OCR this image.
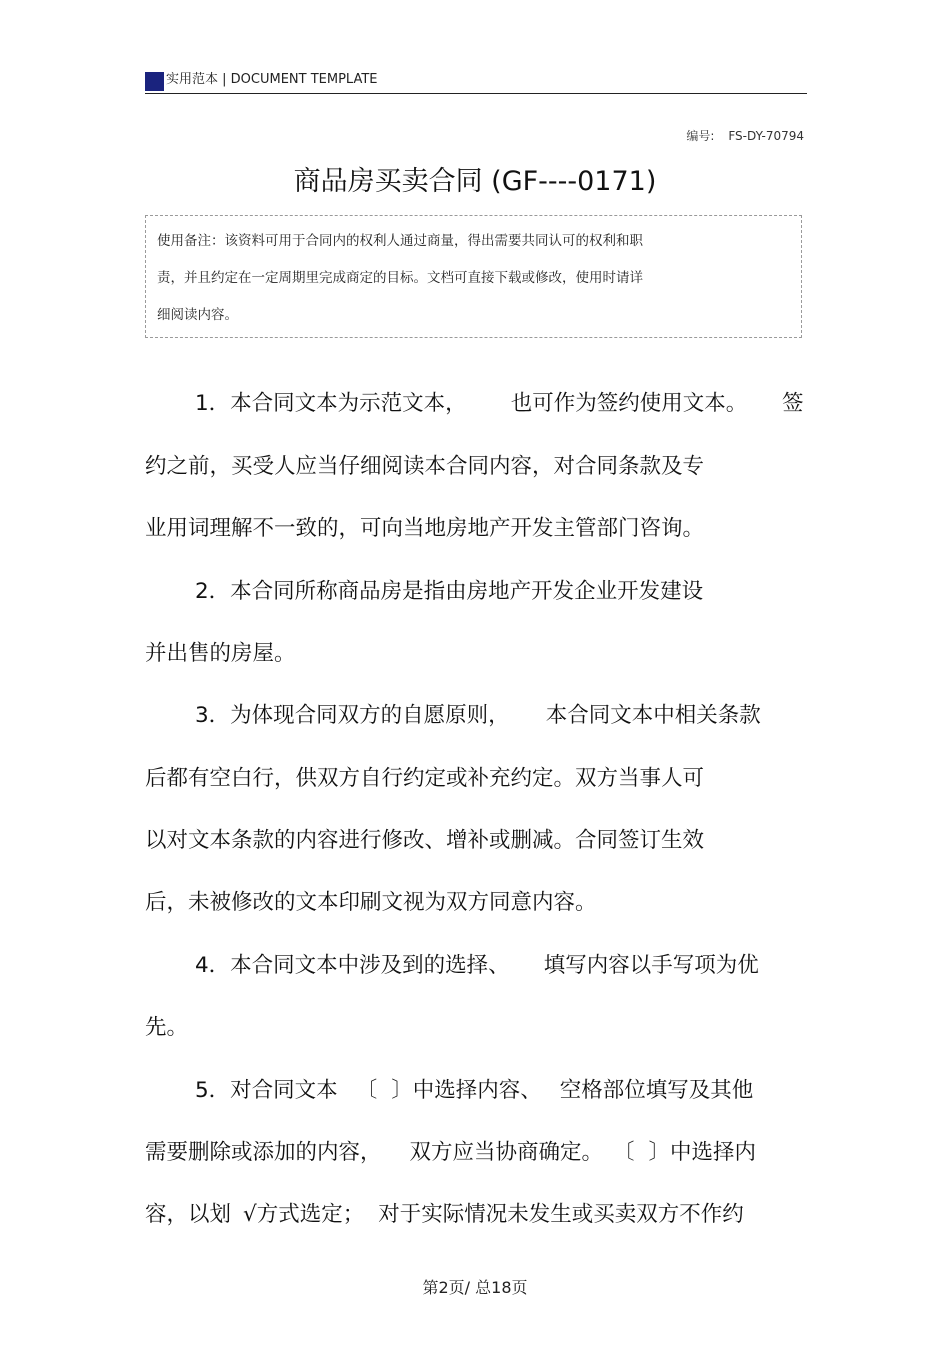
实用范本 | DOCUMENT TEMPLATE
编号: FS-DY-70794
商品房买卖合同 (GF----0171)
使用备注：该资料可用于合同内的权利人通过商量，得出需要共同认可的权利和职
责，并且约定在一定周期里完成商定的目标。文档可直接下载或修改，使用时请详
细阅读内容。
1．本合同文本为示范文本， 也可作为签约使用文本。 签
约之前，买受人应当仔细阅读本合同内容，对合同条款及专
业用词理解不一致的，可向当地房地产开发主管部门咨询。
2．本合同所称商品房是指由房地产开发企业开发建设
并出售的房屋。
3．为体现合同双方的自愿原则， 本合同文本中相关条款
后都有空白行，供双方自行约定或补充约定。双方当事人可
以对文本条款的内容进行修改、增补或删减。合同签订生效
后，未被修改的文本印刷文视为双方同意内容。
4．本合同文本中涉及到的选择、 填写内容以手写项为优
先。
5．对合同文本 〔 〕中选择内容、 空格部位填写及其他
需要删除或添加的内容， 双方应当协商确定。 〔 〕中选择内
容，以划 √方式选定； 对于实际情况未发生或买卖双方不作约
第2页/ 总18页
